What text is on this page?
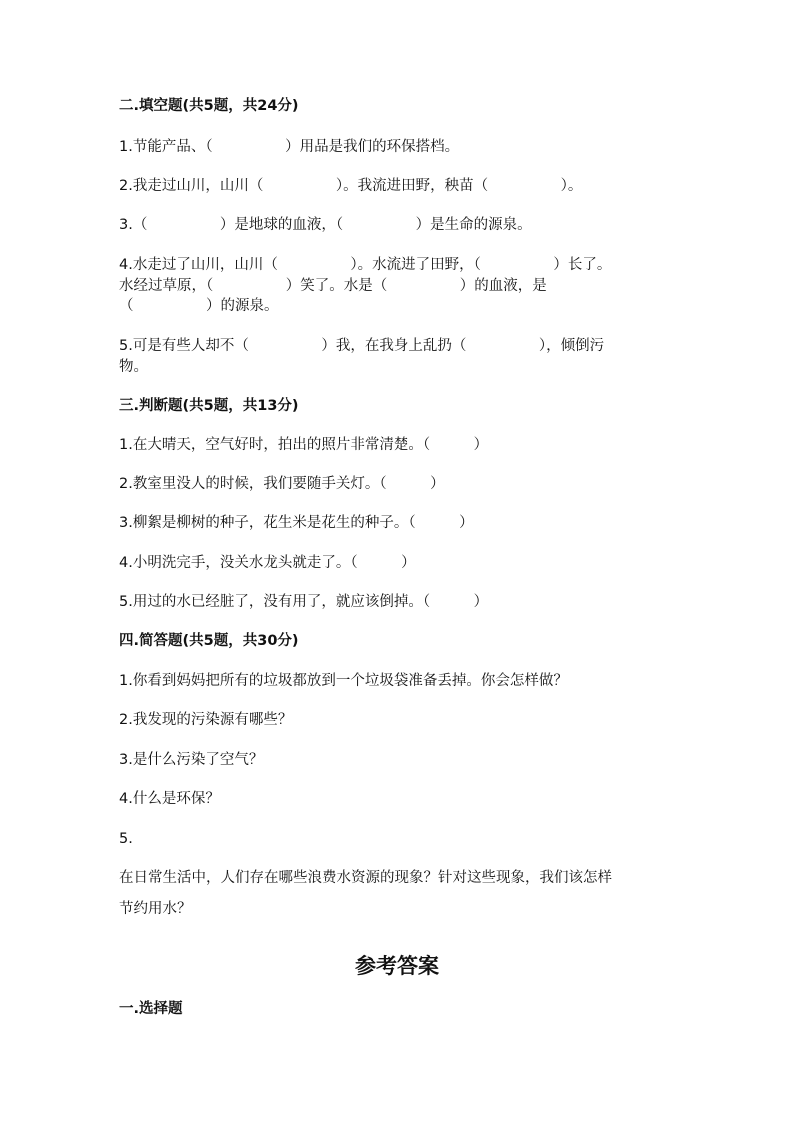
二.填空题(共5题，共24分)
1.节能产品、（　　　　　）用品是我们的环保搭档。
2.我走过山川，山川（　　　　　）。我流进田野，秧苗（　　　　　）。
3.（　　　　　）是地球的血液，（　　　　　）是生命的源泉。
4.水走过了山川，山川（　　　　　）。水流进了田野，（　　　　　）长了。
水经过草原，（　　　　　）笑了。水是（　　　　　）的血液，是
（　　　　　）的源泉。
5.可是有些人却不（　　　　　）我，在我身上乱扔（　　　　　），倾倒污
物。
三.判断题(共5题，共13分)
1.在大晴天，空气好时，拍出的照片非常清楚。（　　　）
2.教室里没人的时候，我们要随手关灯。（　　　）
3.柳絮是柳树的种子，花生米是花生的种子。（　　　）
4.小明洗完手，没关水龙头就走了。（　　　）
5.用过的水已经脏了，没有用了，就应该倒掉。（　　　）
四.简答题(共5题，共30分)
1.你看到妈妈把所有的垃圾都放到一个垃圾袋准备丢掉。你会怎样做？
2.我发现的污染源有哪些？
3.是什么污染了空气？
4.什么是环保？
5.
在日常生活中，人们存在哪些浪费水资源的现象？针对这些现象，我们该怎样
节约用水？
参考答案
一.选择题
